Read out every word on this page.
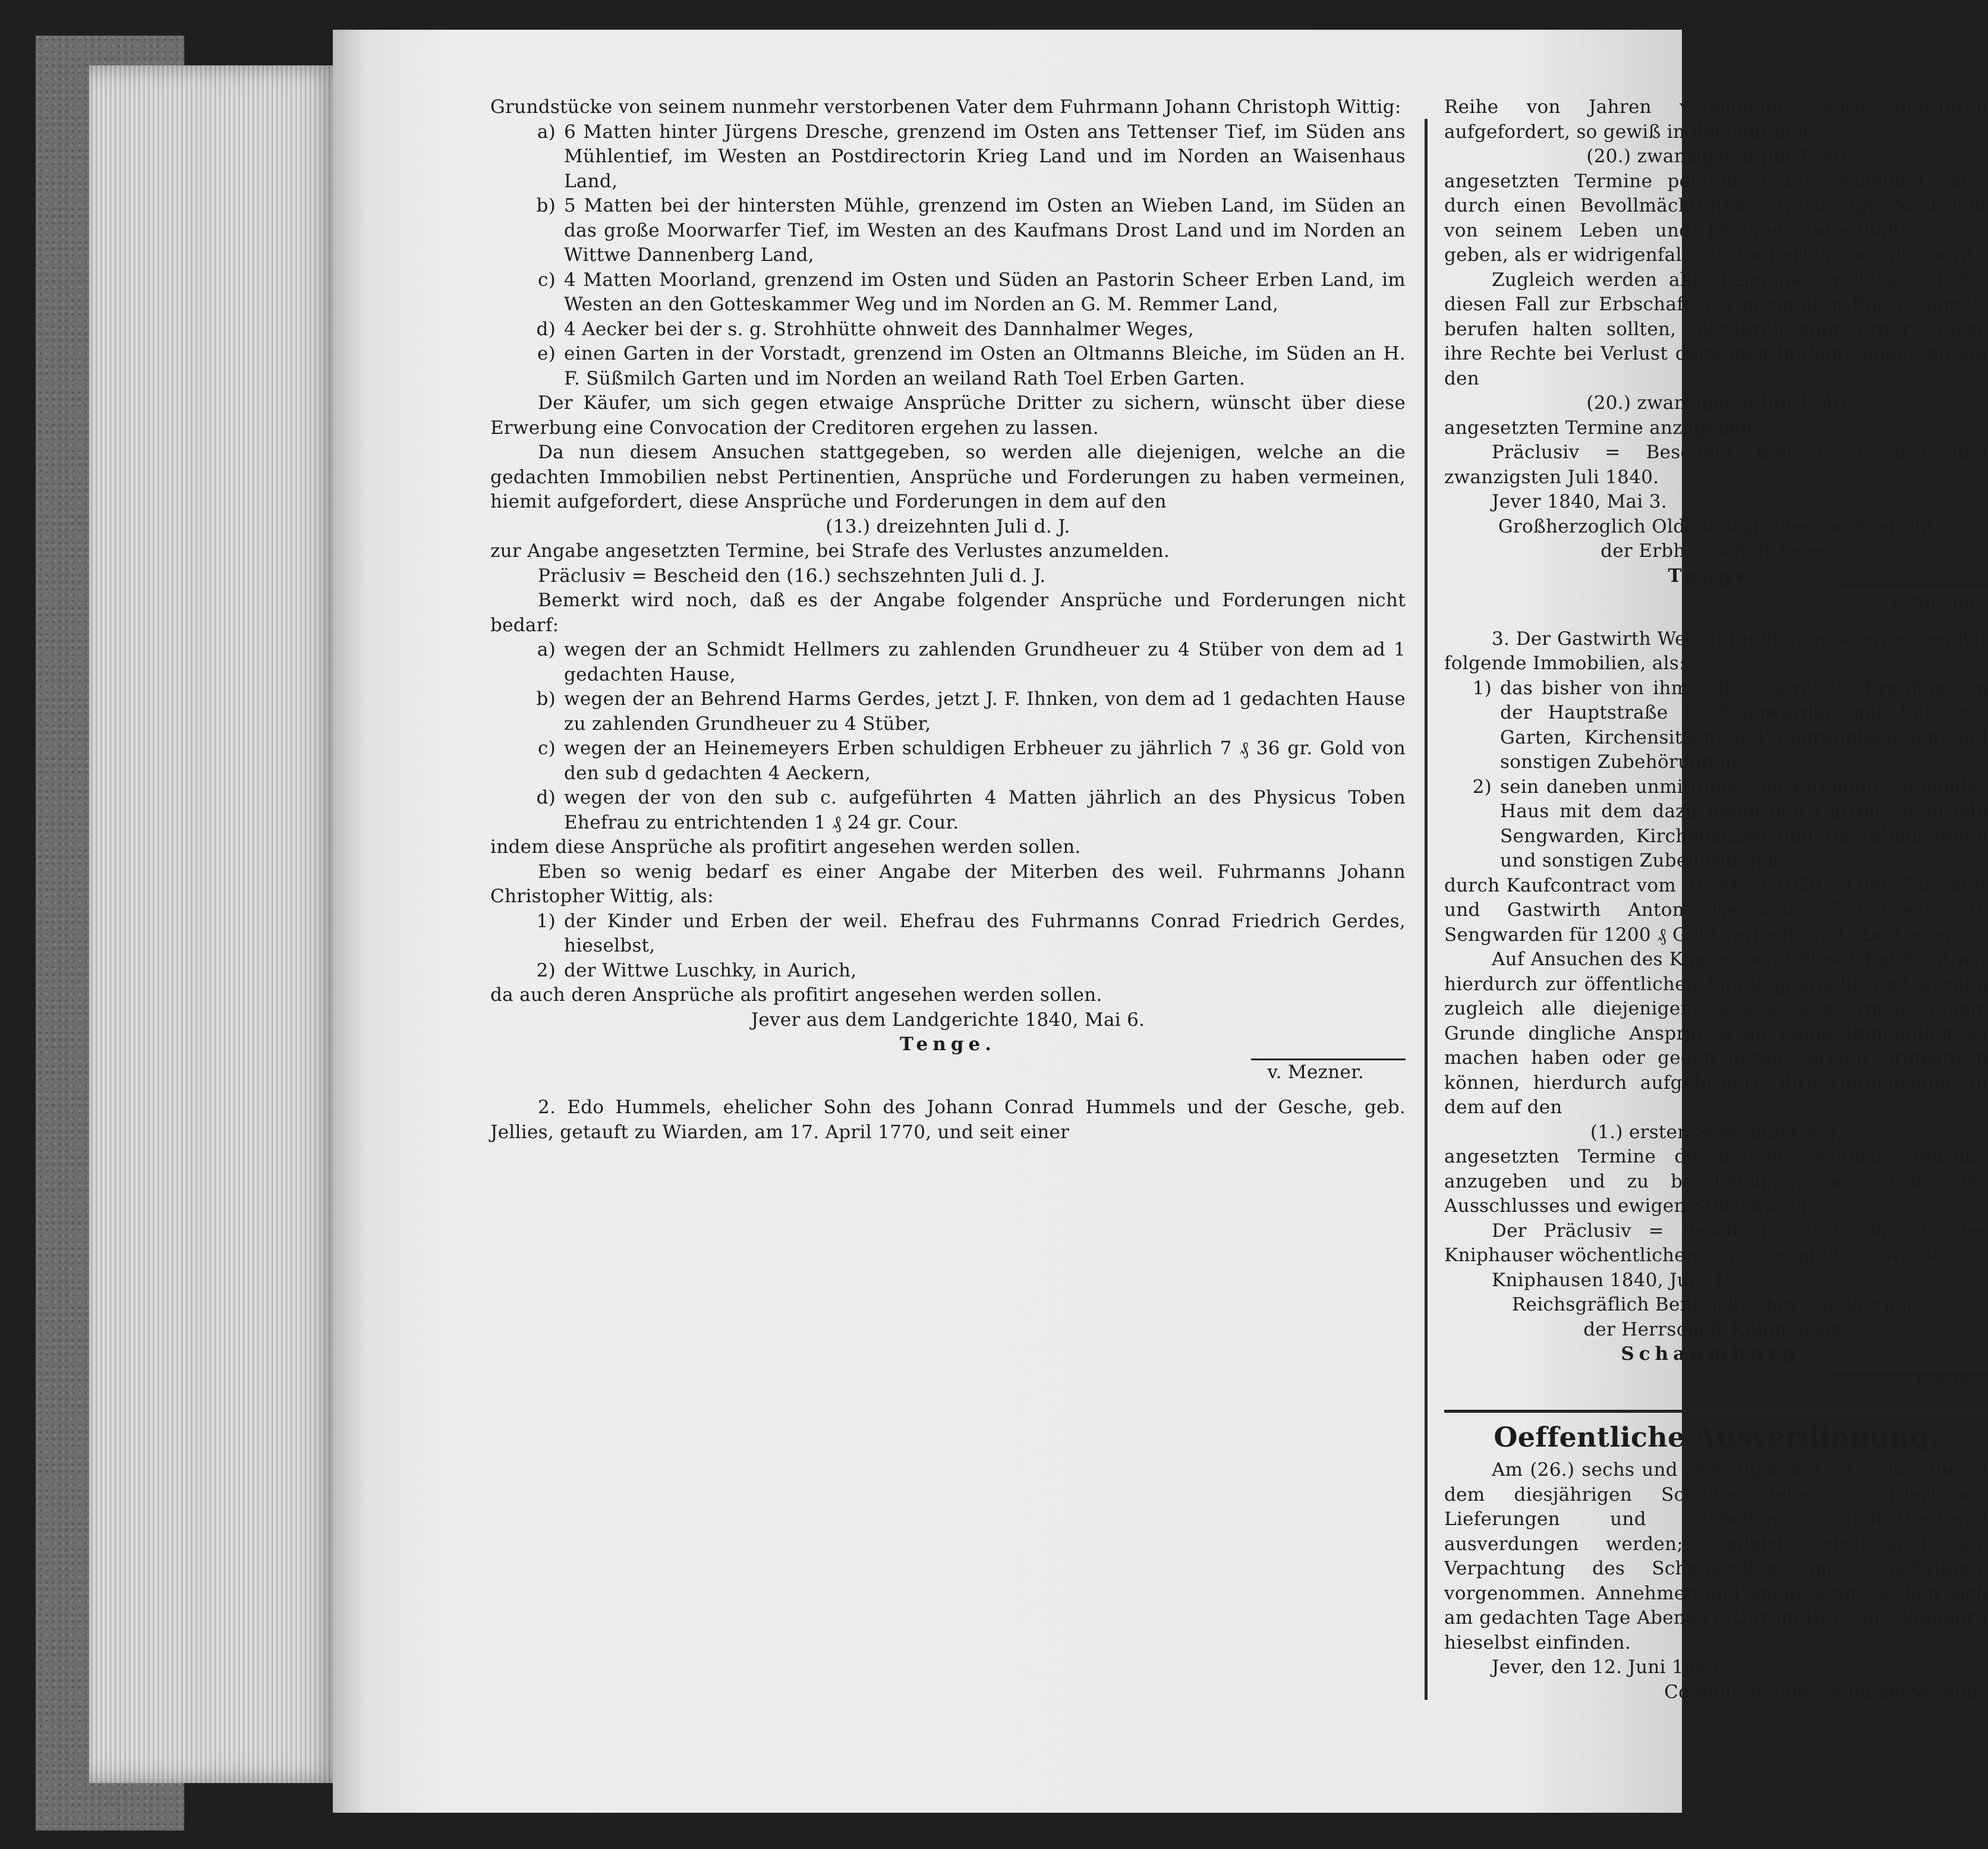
Grundstücke von seinem nunmehr verstorbenen Vater dem Fuhrmann Johann Christoph Wittig:

a) 6 Matten hinter Jürgens Dresche, grenzend im Osten ans Tettenser Tief, im Süden ans Mühlentief, im Westen an Postdirectorin Krieg Land und im Norden an Waisenhaus Land,
b) 5 Matten bei der hintersten Mühle, grenzend im Osten an Wieben Land, im Süden an das große Moorwarfer Tief, im Westen an des Kaufmans Drost Land und im Norden an Wittwe Dannenberg Land,
c) 4 Matten Moorland, grenzend im Osten und Süden an Pastorin Scheer Erben Land, im Westen an den Gotteskammer Weg und im Norden an G. M. Remmer Land,
d) 4 Aecker bei der s. g. Strohhütte ohnweit des Dannhalmer Weges,
e) einen Garten in der Vorstadt, grenzend im Osten an Oltmanns Bleiche, im Süden an H. F. Süßmilch Garten und im Norden an weiland Rath Toel Erben Garten.

Der Käufer, um sich gegen etwaige Ansprüche Dritter zu sichern, wünscht über diese Erwerbung eine Convocation der Creditoren ergehen zu lassen.

Da nun diesem Ansuchen stattgegeben, so werden alle diejenigen, welche an die gedachten Immobilien nebst Pertinentien, Ansprüche und Forderungen zu haben vermeinen, hiemit aufgefordert, diese Ansprüche und Forderungen in dem auf den

(13.) dreizehnten Juli d. J.

zur Angabe angesetzten Termine, bei Strafe des Verlustes anzumelden.

Präclusiv = Bescheid den (16.) sechszehnten Juli d. J.

Bemerkt wird noch, daß es der Angabe folgender Ansprüche und Forderungen nicht bedarf:

a) wegen der an Schmidt Hellmers zu zahlenden Grundheuer zu 4 Stüber von dem ad 1 gedachten Hause,
b) wegen der an Behrend Harms Gerdes, jetzt J. F. Ihnken, von dem ad 1 gedachten Hause zu zahlenden Grundheuer zu 4 Stüber,
c) wegen der an Heinemeyers Erben schuldigen Erbheuer zu jährlich 7 ₰ 36 gr. Gold von den sub d gedachten 4 Aeckern,
d) wegen der von den sub c. aufgeführten 4 Matten jährlich an des Physicus Toben Ehefrau zu entrichtenden 1 ₰ 24 gr. Cour.

indem diese Ansprüche als profitirt angesehen werden sollen.

Eben so wenig bedarf es einer Angabe der Miterben des weil. Fuhrmanns Johann Christopher Wittig, als:

1) der Kinder und Erben der weil. Ehefrau des Fuhrmanns Conrad Friedrich Gerdes, hieselbst,
2) der Wittwe Luschky, in Aurich,

da auch deren Ansprüche als profitirt angesehen werden sollen.

Jever aus dem Landgerichte 1840, Mai 6.

Tenge.

v. Mezner.

2. Edo Hummels, ehelicher Sohn des Johann Conrad Hummels und der Gesche, geb. Jellies, getauft zu Wiarden, am 17. April 1770, und seit einer

Reihe von Jahren verschollen, wird hierdurch aufgefordert, so gewiß in dem auf den

(20.) zwanzigsten Juli 1840

angesetzten Termine persönlich zu erscheinen, oder durch einen Bevollmächtigten zuverlässige Nachricht von seinem Leben und jetzigen Aufenthaltsorte zu geben, als er widrigenfalls für todt erklärt werden wird.

Zugleich werden alle diejenigen, welche sich für diesen Fall zur Erbschaft des genannten Edo Hummels berufen halten sollten, hierdurch aufgefordert, diese ihre Rechte bei Verlust derselben in dem gedachten auf den

(20.) zwanzigsten Juli 1840

angesetzten Termine anzugeben.

Präclusiv = Bescheid den (23.) drei und zwanzigsten Juli 1840.

Jever 1840, Mai 3.

Großherzoglich Oldenburgisches Landgericht

der Erbherrschaft Jever.

Tenge.

v. Mezner.

3. Der Gastwirth Wessel Budden in Sengwarden hat folgende Immobilien, als:

1) das bisher von ihm selbst bewohnte Krughaus an der Hauptstraße in Sengwarden mit Scheune, Garten, Kirchensitzen und Begräbnißstellen und sonstigen Zubehörungen,
2) sein daneben unmittelbar am Kirchhofe stehendes Haus mit dem dazu gehörigen Garten außerhalb Sengwarden, Kirchensitzen und Begräbnißstellen und sonstigen Zubehörungen,

durch Kaufcontract vom 31. März 1839 an den Thierarzt und Gastwirth Anton Hermann Grumbrecht in Sengwarden für 1200 ₰ Gold verkauft und übertragen.

Auf Ansuchen des Käufers wird dieser Kaufcontract hierdurch zur öffentlichen Kunde gebracht, und werden zugleich alle diejenigen, welche aus irgend einem Grunde dingliche Ansprüche an obige Immobilien zu machen haben oder gegen deren Verkauf protestiren können, hierdurch aufgefordert, ihre Gerechtsame in dem auf den

(1.) ersten September d. J.

angesetzten Termine durch hier recipirte Anwälde anzugeben und zu bescheinigen, bei Strafe des Ausschlusses und ewigen Stillschweigens.

Der Präclusiv = Bescheid soll in № 37 der Kniphauser wöchentlichen Anzeigen publicirt werden.

Kniphausen 1840, Juni 15.

Reichsgräflich Bentinckisches Landgericht

der Herrschaft Kniphausen.

Schaumburg.

Tannen.

Oeffentliche Ausverdingung.

Am (26.) sechs und zwanzigsten d. M. sollen die zu dem diesjährigen Scheibeschießen erforderlichen Lieferungen und Arbeiten mindestfordernd ausverdungen werden; zugleich wird auch die Verpachtung des Schenkzeltes am Schießstande vorgenommen. Annehmer und Pachtlustige wollen sich am gedachten Tage Abends 6 Uhr im Hof von Oldenburg hieselbst einfinden.

Jever, den 12. Juni 1840.

Commission des Schützenvereins.
